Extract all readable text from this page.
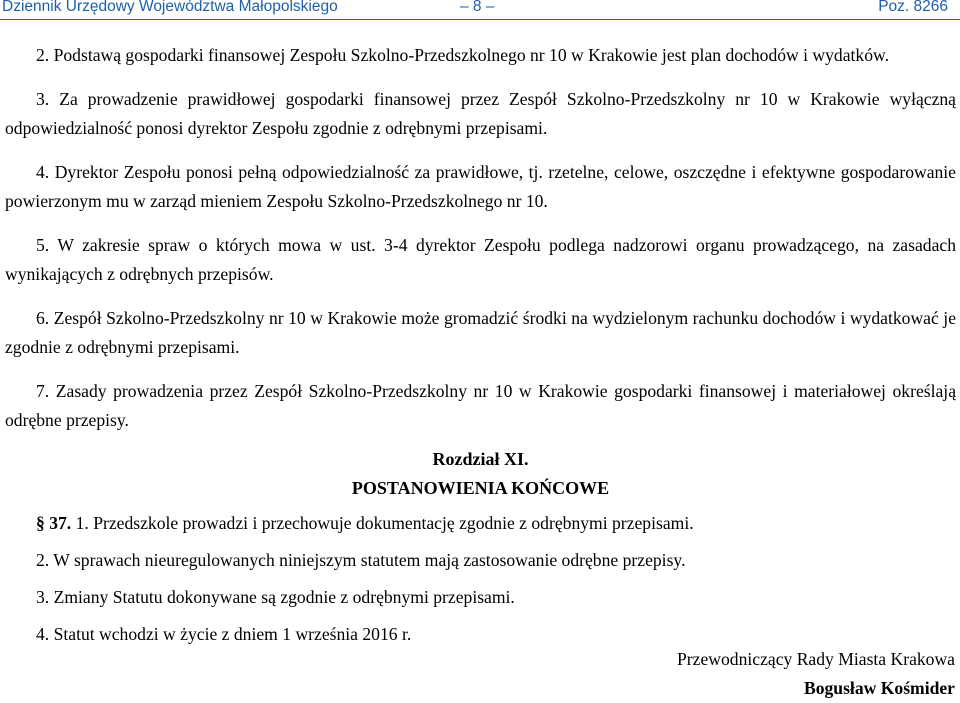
Dziennik Urzędowy Województwa Małopolskiego	– 8 –	Poz. 8266

2. Podstawą gospodarki finansowej Zespołu Szkolno-Przedszkolnego nr 10 w Krakowie jest plan dochodów i wydatków.

3. Za prowadzenie prawidłowej gospodarki finansowej przez Zespół Szkolno-Przedszkolny nr 10 w Krakowie wyłączną odpowiedzialność ponosi dyrektor Zespołu zgodnie z odrębnymi przepisami.

4. Dyrektor Zespołu ponosi pełną odpowiedzialność za prawidłowe, tj. rzetelne, celowe, oszczędne i efektywne gospodarowanie powierzonym mu w zarząd mieniem Zespołu Szkolno-Przedszkolnego nr 10.

5. W zakresie spraw o których mowa w ust. 3-4 dyrektor Zespołu podlega nadzorowi organu prowadzącego, na zasadach wynikających z odrębnych przepisów.

6. Zespół Szkolno-Przedszkolny nr 10 w Krakowie może gromadzić środki na wydzielonym rachunku dochodów i wydatkować je zgodnie z odrębnymi przepisami.

7. Zasady prowadzenia przez Zespół Szkolno-Przedszkolny nr 10 w Krakowie gospodarki finansowej i materiałowej określają odrębne przepisy.

Rozdział XI.

POSTANOWIENIA KOŃCOWE

§ 37. 1. Przedszkole prowadzi i przechowuje dokumentację zgodnie z odrębnymi przepisami.

2. W sprawach nieuregulowanych niniejszym statutem mają zastosowanie odrębne przepisy.

3. Zmiany Statutu dokonywane są zgodnie z odrębnymi przepisami.

4. Statut wchodzi w życie z dniem 1 września 2016 r.

Przewodniczący Rady Miasta Krakowa
Bogusław Kośmider
